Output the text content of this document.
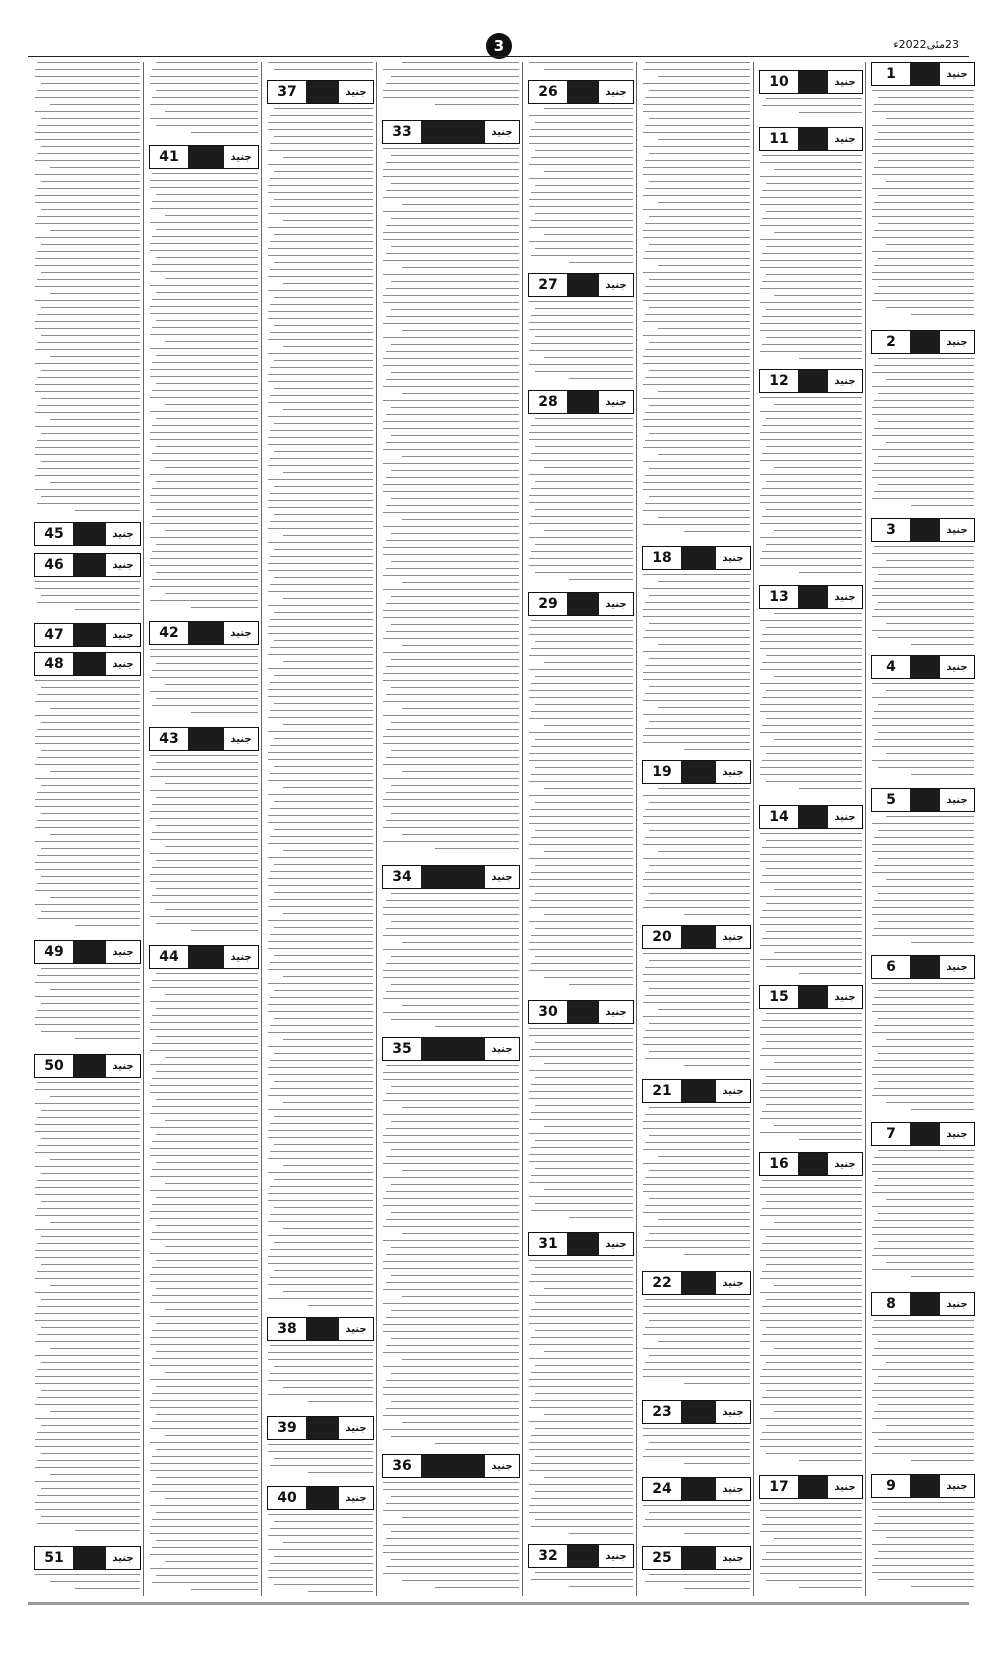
3	23مئی2022ء
جنید
1
جنید
2
جنید
3
جنید
4
جنید
5
جنید
6
جنید
7
جنید
8
جنید
9
جنید
10
جنید
11
جنید
12
جنید
13
جنید
14
جنید
15
جنید
16
جنید
17
جنید
18
جنید
19
جنید
20
جنید
21
جنید
22
جنید
23
جنید
24
جنید
25
جنید
26
جنید
27
جنید
28
جنید
29
جنید
30
جنید
31
جنید
32
جنید
33
جنید
34
جنید
35
جنید
36
جنید
37
جنید
38
جنید
39
جنید
40
جنید
41
جنید
42
جنید
43
جنید
44
جنید
45
جنید
46
جنید
47
جنید
48
جنید
49
جنید
50
جنید
51
